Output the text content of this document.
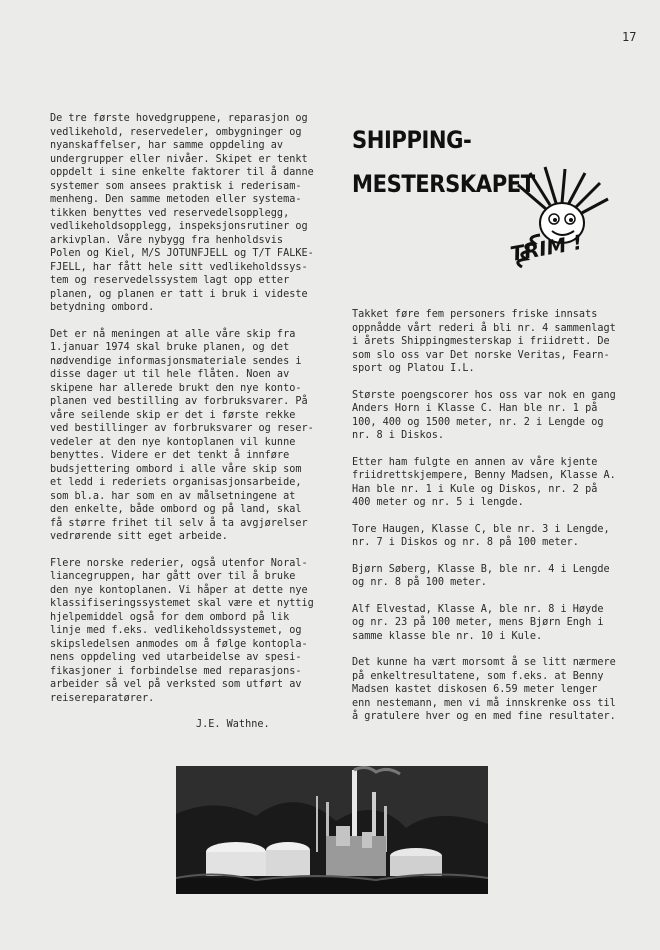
17

De tre første hovedgruppene, reparasjon og
vedlikehold, reservedeler, ombygninger og
nyanskaffelser, har samme oppdeling av
undergrupper eller nivåer. Skipet er tenkt
oppdelt i sine enkelte faktorer til å danne
systemer som ansees praktisk i rederisam-
menheng. Den samme metoden eller systema-
tikken benyttes ved reservedelsopplegg,
vedlikeholdsopplegg, inspeksjonsrutiner og
arkivplan. Våre nybygg fra henholdsvis
Polen og Kiel, M/S JOTUNFJELL og T/T FALKE-
FJELL, har fått hele sitt vedlikeholdssys-
tem og reservedelssystem lagt opp etter
planen, og planen er tatt i bruk i videste
betydning ombord.

Det er nå meningen at alle våre skip fra
1.januar 1974 skal bruke planen, og det
nødvendige informasjonsmateriale sendes i
disse dager ut til hele flåten. Noen av
skipene har allerede brukt den nye konto-
planen ved bestilling av forbruksvarer. På
våre seilende skip er det i første rekke
ved bestillinger av forbruksvarer og reser-
vedeler at den nye kontoplanen vil kunne
benyttes. Videre er det tenkt å innføre
budsjettering ombord i alle våre skip som
et ledd i rederiets organisasjonsarbeide,
som bl.a. har som en av målsetningene at
den enkelte, både ombord og på land, skal
få større frihet til selv å ta avgjørelser
vedrørende sitt eget arbeide.

Flere norske rederier, også utenfor Noral-
liancegruppen, har gått over til å bruke
den nye kontoplanen. Vi håper at dette nye
klassifiseringssystemet skal være et nyttig
hjelpemiddel også for dem ombord på lik
linje med f.eks. vedlikeholdssystemet, og
skipsledelsen anmodes om å følge kontopla-
nens oppdeling ved utarbeidelse av spesi-
fikasjoner i forbindelse med reparasjons-
arbeider så vel på verksted som utført av
reisereparatører.

J.E. Wathne.
SHIPPING-
MESTERSKAPET
TRIM !

Takket føre fem personers friske innsats
oppnådde vårt rederi å bli nr. 4 sammenlagt
i årets Shippingmesterskap i friidrett. De
som slo oss var Det norske Veritas, Fearn-
sport og Platou I.L.

Største poengscorer hos oss var nok en gang
Anders Horn i Klasse C. Han ble nr. 1 på
100, 400 og 1500 meter, nr. 2 i Lengde og
nr. 8 i Diskos.

Etter ham fulgte en annen av våre kjente
friidrettskjempere, Benny Madsen, Klasse A.
Han ble nr. 1 i Kule og Diskos, nr. 2 på
400 meter og nr. 5 i lengde.

Tore Haugen, Klasse C, ble nr. 3 i Lengde,
nr. 7 i Diskos og nr. 8 på 100 meter.

Bjørn Søberg, Klasse B, ble nr. 4 i Lengde
og nr. 8 på 100 meter.

Alf Elvestad, Klasse A, ble nr. 8 i Høyde
og nr. 23 på 100 meter, mens Bjørn Engh i
samme klasse ble nr. 10 i Kule.

Det kunne ha vært morsomt å se litt nærmere
på enkeltresultatene, som f.eks. at Benny
Madsen kastet diskosen 6.59 meter lenger
enn nestemann, men vi må innskrenke oss til
å gratulere hver og en med fine resultater.
